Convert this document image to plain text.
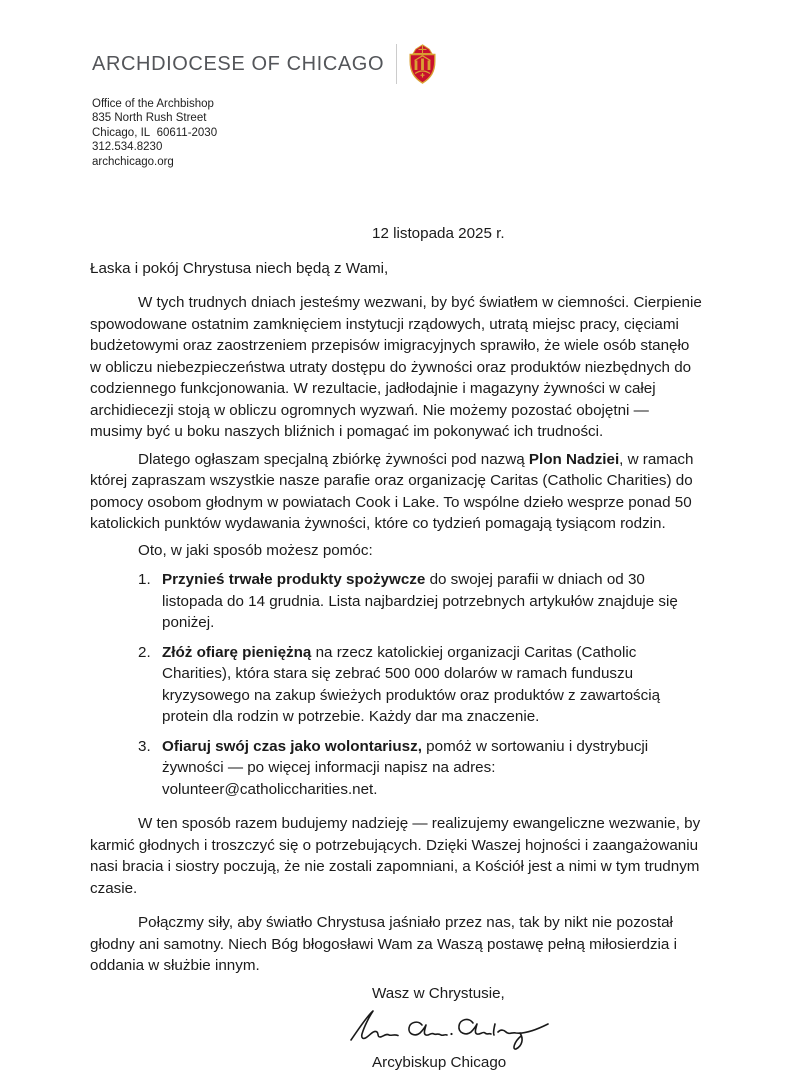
ARCHDIOCESE OF CHICAGO
Office of the Archbishop
835 North Rush Street
Chicago, IL  60611-2030
312.534.8230
archchicago.org
12 listopada 2025 r.
Łaska i pokój Chrystusa niech będą z Wami,
W tych trudnych dniach jesteśmy wezwani, by być światłem w ciemności. Cierpienie spowodowane ostatnim zamknięciem instytucji rządowych, utratą miejsc pracy, cięciami budżetowymi oraz zaostrzeniem przepisów imigracyjnych sprawiło, że wiele osób stanęło w obliczu niebezpieczeństwa utraty dostępu do żywności oraz produktów niezbędnych do codziennego funkcjonowania. W rezultacie, jadłodajnie i magazyny żywności w całej archidiecezji stoją w obliczu ogromnych wyzwań. Nie możemy pozostać obojętni — musimy być u boku naszych bliźnich i pomagać im pokonywać ich trudności.
Dlatego ogłaszam specjalną zbiórkę żywności pod nazwą Plon Nadziei, w ramach której zapraszam wszystkie nasze parafie oraz organizację Caritas (Catholic Charities) do pomocy osobom głodnym w powiatach Cook i Lake. To wspólne dzieło wesprze ponad 50 katolickich punktów wydawania żywności, które co tydzień pomagają tysiącom rodzin.
Oto, w jaki sposób możesz pomóc:
1. Przynieś trwałe produkty spożywcze do swojej parafii w dniach od 30 listopada do 14 grudnia. Lista najbardziej potrzebnych artykułów znajduje się poniżej.
2. Złóż ofiarę pieniężną na rzecz katolickiej organizacji Caritas (Catholic Charities), która stara się zebrać 500 000 dolarów w ramach funduszu kryzysowego na zakup świeżych produktów oraz produktów z zawartością protein dla rodzin w potrzebie. Każdy dar ma znaczenie.
3. Ofiaruj swój czas jako wolontariusz, pomóż w sortowaniu i dystrybucji żywności — po więcej informacji napisz na adres: volunteer@catholiccharities.net.
W ten sposób razem budujemy nadzieję — realizujemy ewangeliczne wezwanie, by karmić głodnych i troszczyć się o potrzebujących. Dzięki Waszej hojności i zaangażowaniu nasi bracia i siostry poczują, że nie zostali zapomniani, a Kościół jest a nimi w tym trudnym czasie.
Połączmy siły, aby światło Chrystusa jaśniało przez nas, tak by nikt nie pozostał głodny ani samotny. Niech Bóg błogosławi Wam za Waszą postawę pełną miłosierdzia i oddania w służbie innym.
Wasz w Chrystusie,
Arcybiskup Chicago
